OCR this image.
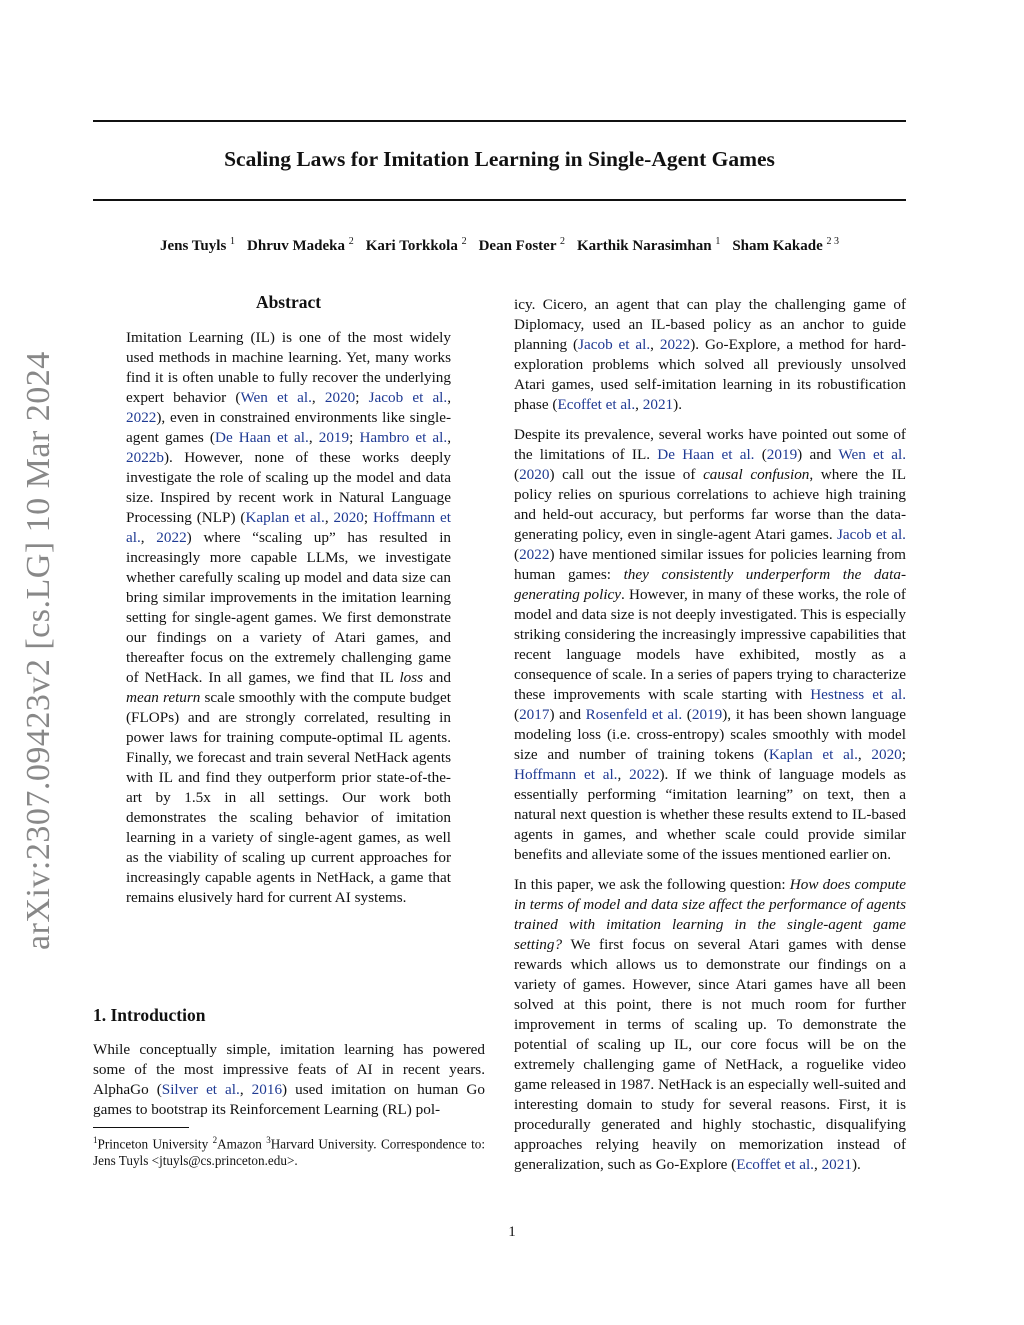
arXiv:2307.09423v2 [cs.LG] 10 Mar 2024
Scaling Laws for Imitation Learning in Single-Agent Games
Jens Tuyls $^1$ Dhruv Madeka $^2$ Kari Torkkola $^2$ Dean Foster $^2$ Karthik Narasimhan $^1$ Sham Kakade $^{2 3}$
Abstract

Imitation Learning (IL) is one of the most widely used methods in machine learning. Yet, many works find it is often unable to fully recover the underlying expert behavior (Wen et al., 2020; Jacob et al., 2022), even in constrained environments like single-agent games (De Haan et al., 2019; Hambro et al., 2022b). However, none of these works deeply investigate the role of scaling up the model and data size. Inspired by recent work in Natural Language Processing (NLP) (Kaplan et al., 2020; Hoffmann et al., 2022) where “scaling up” has resulted in increasingly more capable LLMs, we investigate whether carefully scaling up model and data size can bring similar improvements in the imitation learning setting for single-agent games. We first demonstrate our findings on a variety of Atari games, and thereafter focus on the extremely challenging game of NetHack. In all games, we find that IL loss and mean return scale smoothly with the compute budget (FLOPs) and are strongly correlated, resulting in power laws for training compute-optimal IL agents. Finally, we forecast and train several NetHack agents with IL and find they outperform prior state-of-the-art by 1.5x in all settings. Our work both demonstrates the scaling behavior of imitation learning in a variety of single-agent games, as well as the viability of scaling up current approaches for increasingly capable agents in NetHack, a game that remains elusively hard for current AI systems.

1. Introduction

While conceptually simple, imitation learning has powered some of the most impressive feats of AI in recent years. AlphaGo (Silver et al., 2016) used imitation on human Go games to bootstrap its Reinforcement Learning (RL) pol-

$^1$Princeton University $^2$Amazon $^3$Harvard University. Correspondence to: Jens Tuyls <jtuyls@cs.princeton.edu>.

icy. Cicero, an agent that can play the challenging game of Diplomacy, used an IL-based policy as an anchor to guide planning (Jacob et al., 2022). Go-Explore, a method for hard-exploration problems which solved all previously unsolved Atari games, used self-imitation learning in its robustification phase (Ecoffet et al., 2021).

Despite its prevalence, several works have pointed out some of the limitations of IL. De Haan et al. (2019) and Wen et al. (2020) call out the issue of causal confusion, where the IL policy relies on spurious correlations to achieve high training and held-out accuracy, but performs far worse than the data-generating policy, even in single-agent Atari games. Jacob et al. (2022) have mentioned similar issues for policies learning from human games: they consistently underperform the data-generating policy. However, in many of these works, the role of model and data size is not deeply investigated. This is especially striking considering the increasingly impressive capabilities that recent language models have exhibited, mostly as a consequence of scale. In a series of papers trying to characterize these improvements with scale starting with Hestness et al. (2017) and Rosenfeld et al. (2019), it has been shown language modeling loss (i.e. cross-entropy) scales smoothly with model size and number of training tokens (Kaplan et al., 2020; Hoffmann et al., 2022). If we think of language models as essentially performing “imitation learning” on text, then a natural next question is whether these results extend to IL-based agents in games, and whether scale could provide similar benefits and alleviate some of the issues mentioned earlier on.

In this paper, we ask the following question: How does compute in terms of model and data size affect the performance of agents trained with imitation learning in the single-agent game setting? We first focus on several Atari games with dense rewards which allows us to demonstrate our findings on a variety of games. However, since Atari games have all been solved at this point, there is not much room for further improvement in terms of scaling up. To demonstrate the potential of scaling up IL, our core focus will be on the extremely challenging game of NetHack, a roguelike video game released in 1987. NetHack is an especially well-suited and interesting domain to study for several reasons. First, it is procedurally generated and highly stochastic, disqualifying approaches relying heavily on memorization instead of generalization, such as Go-Explore (Ecoffet et al., 2021).

1
